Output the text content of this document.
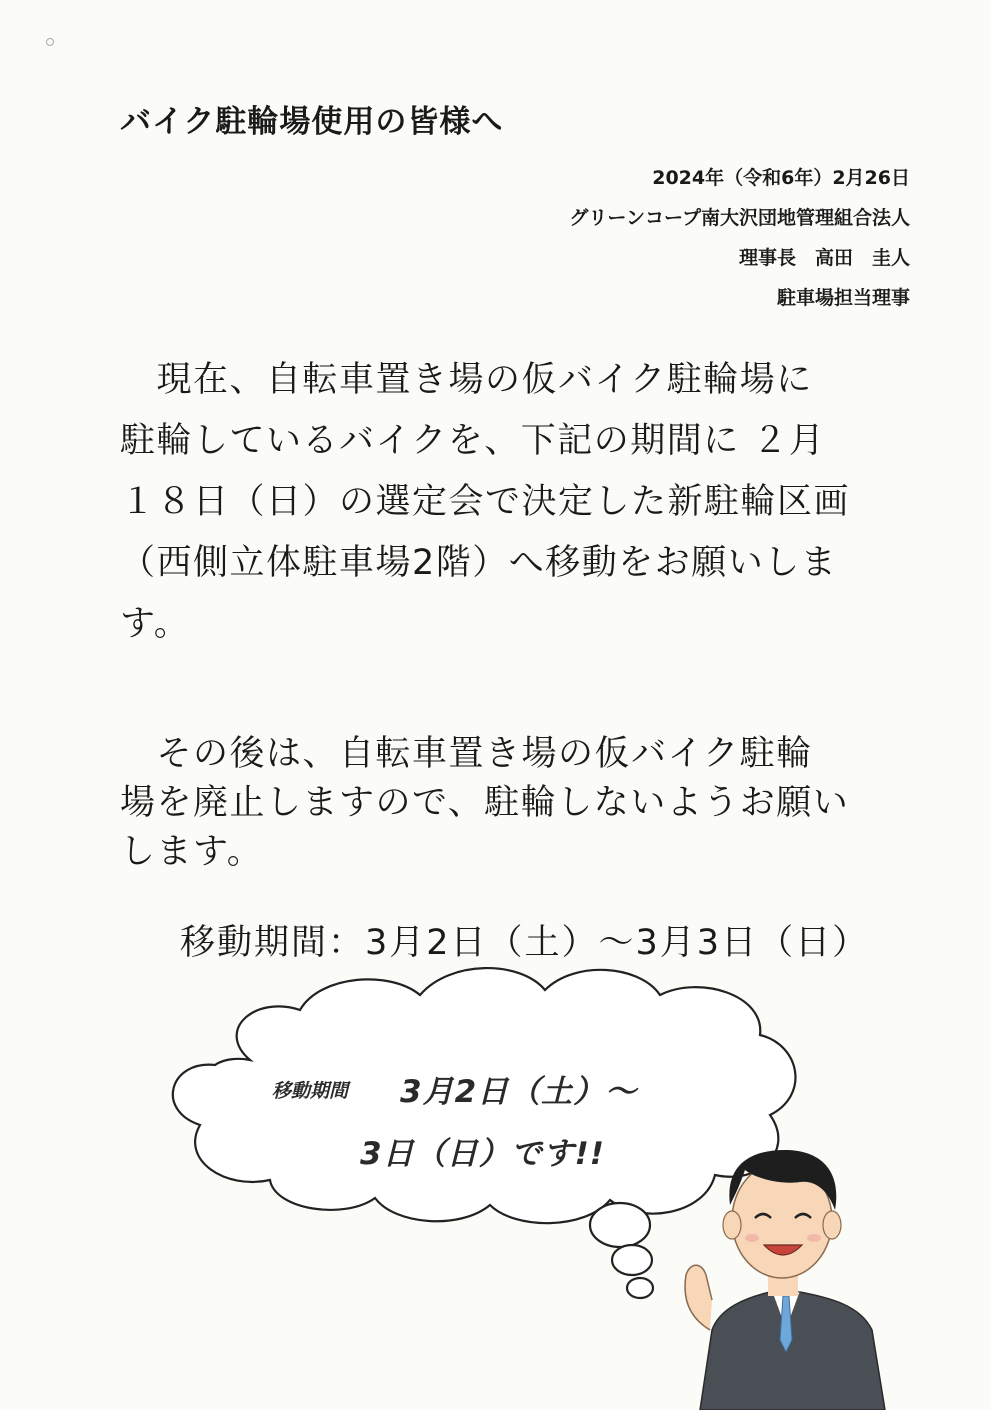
バイク駐輪場使用の皆様へ
2024年（令和6年）2月26日
グリーンコープ南大沢団地管理組合法人
理事長　高田　圭人
駐車場担当理事
　現在、自転車置き場の仮バイク駐輪場に
駐輪しているバイクを、下記の期間に ２月
１８日（日）の選定会で決定した新駐輪区画
（西側立体駐車場2階）へ移動をお願いしま
す。
　その後は、自転車置き場の仮バイク駐輪
場を廃止しますので、駐輪しないようお願い
します。
移動期間：3月2日（土）～3月3日（日）
移動期間 3月2日（土）～
3日（日）です!!
